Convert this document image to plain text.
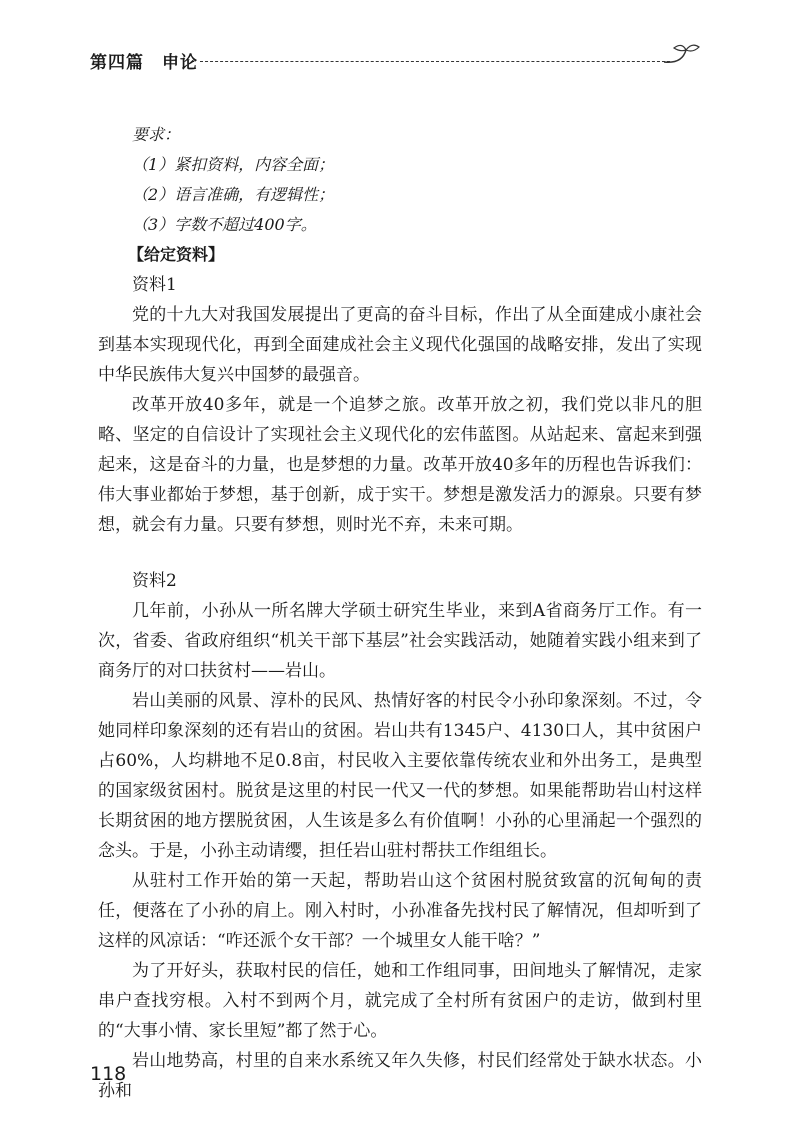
第四篇　申论
要求：
（1）紧扣资料，内容全面；
（2）语言准确，有逻辑性；
（3）字数不超过400字。
【给定资料】
资料1

党的十九大对我国发展提出了更高的奋斗目标，作出了从全面建成小康社会到基本实现现代化，再到全面建成社会主义现代化强国的战略安排，发出了实现中华民族伟大复兴中国梦的最强音。

改革开放40多年，就是一个追梦之旅。改革开放之初，我们党以非凡的胆略、坚定的自信设计了实现社会主义现代化的宏伟蓝图。从站起来、富起来到强起来，这是奋斗的力量，也是梦想的力量。改革开放40多年的历程也告诉我们：伟大事业都始于梦想，基于创新，成于实干。梦想是激发活力的源泉。只要有梦想，就会有力量。只要有梦想，则时光不弃，未来可期。

资料2

几年前，小孙从一所名牌大学硕士研究生毕业，来到A省商务厅工作。有一次，省委、省政府组织“机关干部下基层”社会实践活动，她随着实践小组来到了商务厅的对口扶贫村——岩山。

岩山美丽的风景、淳朴的民风、热情好客的村民令小孙印象深刻。不过，令她同样印象深刻的还有岩山的贫困。岩山共有1345户、4130口人，其中贫困户占60%，人均耕地不足0.8亩，村民收入主要依靠传统农业和外出务工，是典型的国家级贫困村。脱贫是这里的村民一代又一代的梦想。如果能帮助岩山村这样长期贫困的地方摆脱贫困，人生该是多么有价值啊！小孙的心里涌起一个强烈的念头。于是，小孙主动请缨，担任岩山驻村帮扶工作组组长。

从驻村工作开始的第一天起，帮助岩山这个贫困村脱贫致富的沉甸甸的责任，便落在了小孙的肩上。刚入村时，小孙准备先找村民了解情况，但却听到了这样的风凉话：“咋还派个女干部？一个城里女人能干啥？”

为了开好头，获取村民的信任，她和工作组同事，田间地头了解情况，走家串户查找穷根。入村不到两个月，就完成了全村所有贫困户的走访，做到村里的“大事小情、家长里短”都了然于心。

岩山地势高，村里的自来水系统又年久失修，村民们经常处于缺水状态。小孙和

118
